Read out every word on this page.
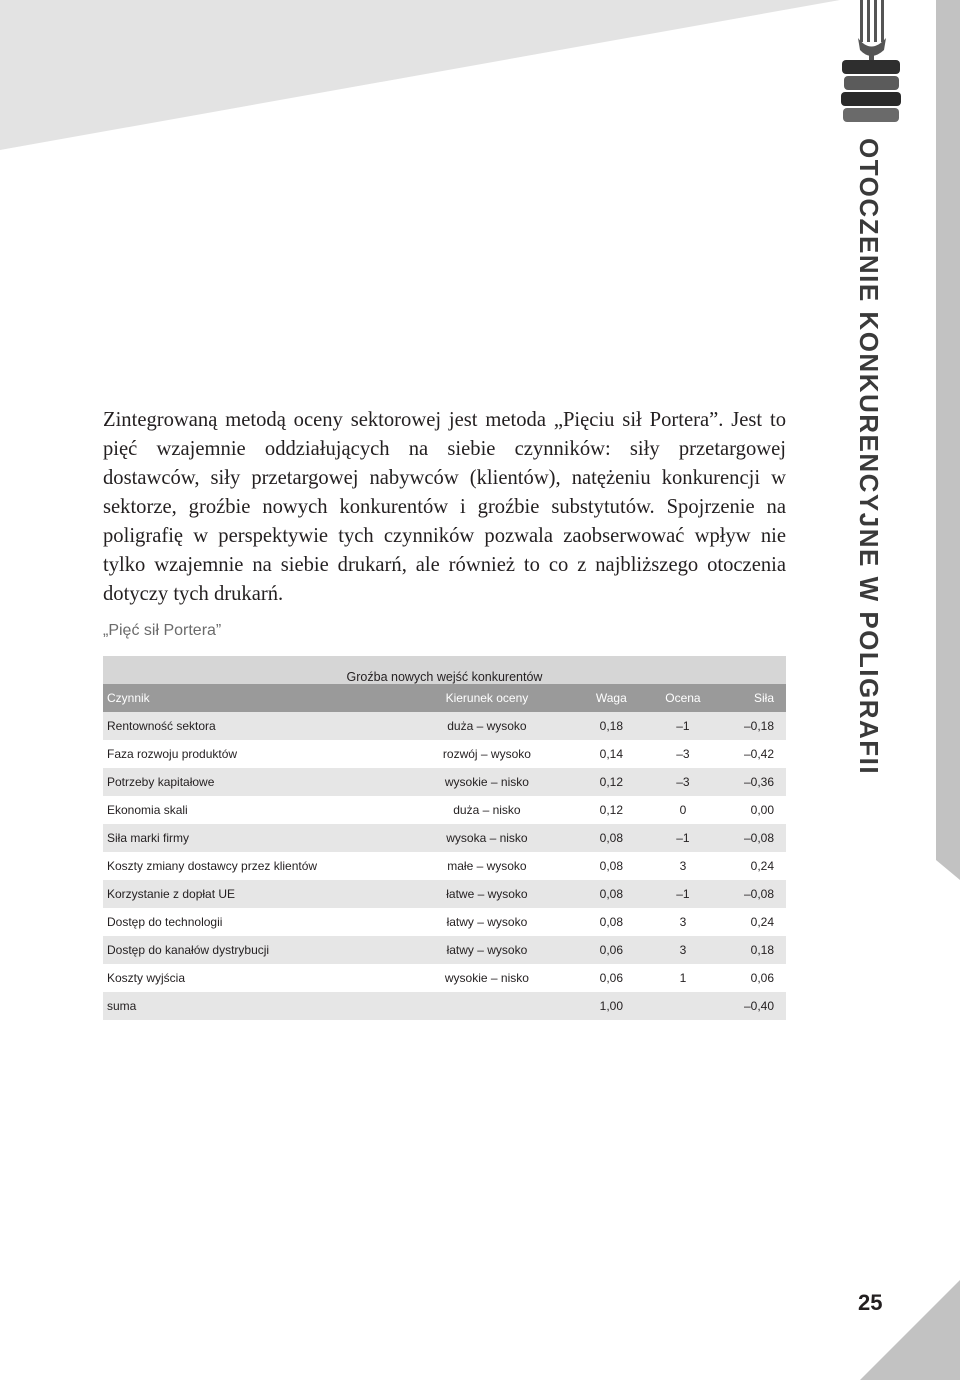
OTOCZENIE KONKURENCYJNE W POLIGRAFII

Zintegrowaną metodą oceny sektorowej jest metoda „Pięciu sił Portera”. Jest to pięć wzajemnie oddziałujących na siebie czynników: siły przetargowej dostawców, siły przetargowej nabywców (klientów), natężeniu konkurencji w sektorze, groźbie nowych konkurentów i groźbie substytutów. Spojrzenie na poligrafię w perspektywie tych czynników pozwala zaobserwować wpływ nie tylko wzajemnie na siebie drukarń, ale również to co z najbliższego otoczenia dotyczy tych drukarń.

„Pięć sił Portera”
Groźba nowych wejść konkurentów				
Czynnik	Kierunek oceny	Waga	Ocena	Siła
Rentowność sektora	duża – wysoko	0,18	–1	–0,18
Faza rozwoju produktów	rozwój – wysoko	0,14	–3	–0,42
Potrzeby kapitałowe	wysokie – nisko	0,12	–3	–0,36
Ekonomia skali	duża – nisko	0,12	0	0,00
Siła marki firmy	wysoka – nisko	0,08	–1	–0,08
Koszty zmiany dostawcy przez klientów	małe – wysoko	0,08	3	0,24
Korzystanie z dopłat UE	łatwe – wysoko	0,08	–1	–0,08
Dostęp do technologii	łatwy – wysoko	0,08	3	0,24
Dostęp do kanałów dystrybucji	łatwy – wysoko	0,06	3	0,18
Koszty wyjścia	wysokie – nisko	0,06	1	0,06
suma		1,00		–0,40
25
